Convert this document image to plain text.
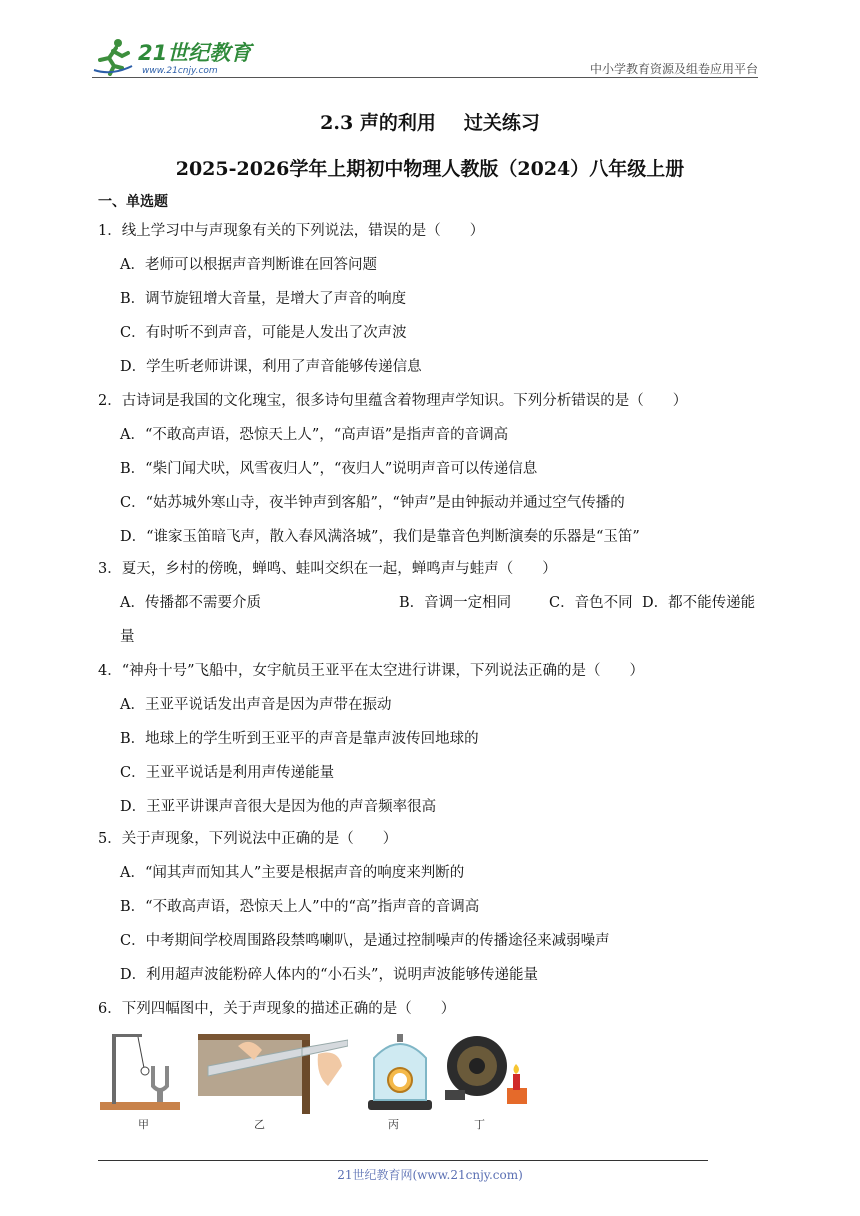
21世纪教育
www.21cnjy.com	中小学教育资源及组卷应用平台
2.3 声的利用 过关练习
2025-2026学年上期初中物理人教版（2024）八年级上册
一、单选题
1．线上学习中与声现象有关的下列说法，错误的是（　　）
A．老师可以根据声音判断谁在回答问题
B．调节旋钮增大音量，是增大了声音的响度
C．有时听不到声音，可能是人发出了次声波
D．学生听老师讲课，利用了声音能够传递信息
2．古诗词是我国的文化瑰宝，很多诗句里蕴含着物理声学知识。下列分析错误的是（　　）
A．“不敢高声语，恐惊天上人”，“高声语”是指声音的音调高
B．“柴门闻犬吠，风雪夜归人”，“夜归人”说明声音可以传递信息
C．“姑苏城外寒山寺，夜半钟声到客船”，“钟声”是由钟振动并通过空气传播的
D．“谁家玉笛暗飞声，散入春风满洛城”，我们是靠音色判断演奏的乐器是“玉笛”
3．夏天，乡村的傍晚，蝉鸣、蛙叫交织在一起，蝉鸣声与蛙声（　　）
A．传播都不需要介质	B．音调一定相同	C．音色不同 D．都不能传递能
量
4．“神舟十号”飞船中，女宇航员王亚平在太空进行讲课，下列说法正确的是（　　）
A．王亚平说话发出声音是因为声带在振动
B．地球上的学生听到王亚平的声音是靠声波传回地球的
C．王亚平说话是利用声传递能量
D．王亚平讲课声音很大是因为他的声音频率很高
5．关于声现象，下列说法中正确的是（　　）
A．“闻其声而知其人”主要是根据声音的响度来判断的
B．“不敢高声语，恐惊天上人”中的“高”指声音的音调高
C．中考期间学校周围路段禁鸣喇叭，是通过控制噪声的传播途径来减弱噪声
D．利用超声波能粉碎人体内的“小石头”，说明声波能够传递能量
6．下列四幅图中，关于声现象的描述正确的是（　　）
甲	乙	丙	丁
21世纪教育网(www.21cnjy.com)
